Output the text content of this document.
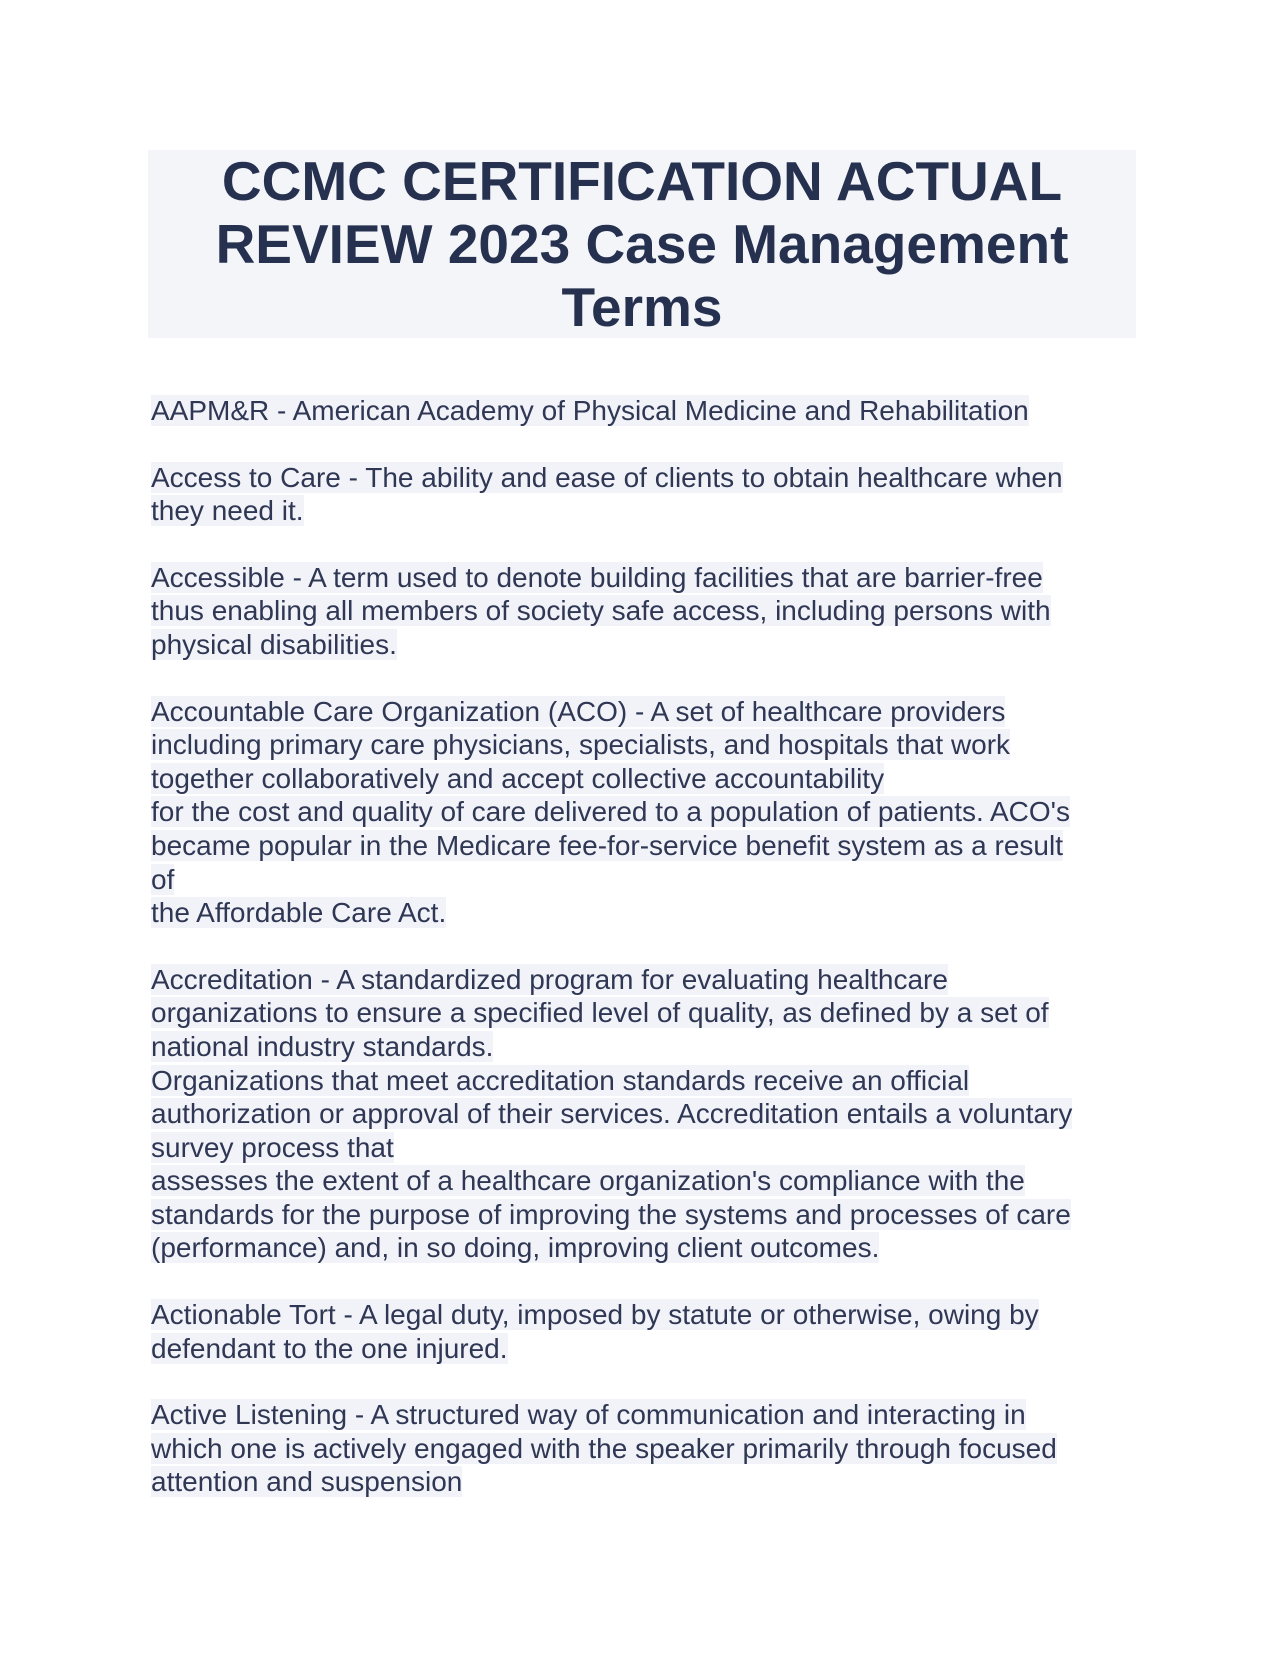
CCMC CERTIFICATION ACTUAL
REVIEW 2023 Case Management
Terms

AAPM&R - American Academy of Physical Medicine and Rehabilitation

Access to Care - The ability and ease of clients to obtain healthcare when
they need it.

Accessible - A term used to denote building facilities that are barrier-free
thus enabling all members of society safe access, including persons with
physical disabilities.

Accountable Care Organization (ACO) - A set of healthcare providers
including primary care physicians, specialists, and hospitals that work
together collaboratively and accept collective accountability
for the cost and quality of care delivered to a population of patients. ACO's
became popular in the Medicare fee-for-service benefit system as a result
of
the Affordable Care Act.

Accreditation - A standardized program for evaluating healthcare
organizations to ensure a specified level of quality, as defined by a set of
national industry standards.
Organizations that meet accreditation standards receive an official
authorization or approval of their services. Accreditation entails a voluntary
survey process that
assesses the extent of a healthcare organization's compliance with the
standards for the purpose of improving the systems and processes of care
(performance) and, in so doing, improving client outcomes.

Actionable Tort - A legal duty, imposed by statute or otherwise, owing by
defendant to the one injured.

Active Listening - A structured way of communication and interacting in
which one is actively engaged with the speaker primarily through focused
attention and suspension
